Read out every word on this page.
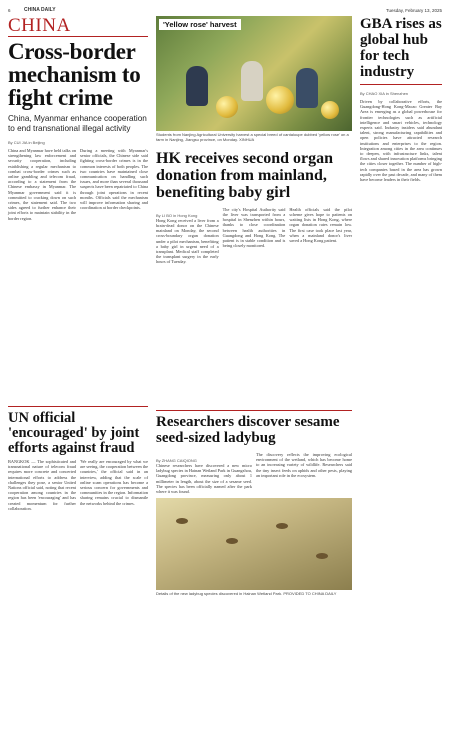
6	CHINA DAILY	Tuesday, February 13, 2025
CHINA
Cross-border mechanism to fight crime
China, Myanmar enhance cooperation to end transnational illegal activity
By CUI JIA in Beijing
China and Myanmar have held talks on strengthening law enforcement and security cooperation, including establishing a regular mechanism to combat cross-border crimes such as online gambling and telecom fraud, according to a statement from the Chinese embassy in Myanmar. The Myanmar government said it is committed to cracking down on such crimes, the statement said. The two sides agreed to further enhance their joint efforts to maintain stability in the border region.
During a meeting with Myanmar's senior officials, the Chinese side said fighting cross-border crimes is in the common interests of both peoples. The two countries have maintained close communication on handling such issues, and more than several thousand suspects have been repatriated to China through joint operations in recent months. Officials said the mechanism will improve information sharing and coordination at border checkpoints.
UN official 'encouraged' by joint efforts against fraud
BANGKOK — The sophisticated and transnational nature of telecom fraud requires more concrete and concerted international efforts to address the challenges they pose, a senior United Nations official said, noting that recent cooperation among countries in the region has been 'encouraging' and has created momentum for further collaboration.
'We really are encouraged by what we are seeing, the cooperation between the countries,' the official said in an interview, adding that the scale of online scam operations has become a serious concern for governments and communities in the region. Information sharing remains crucial to dismantle the networks behind the crimes.
'Yellow rose' harvest
Students from Nanjing Agricultural University harvest a special breed of cantaloupe dubbed 'yellow rose' on a farm in Nanjing, Jiangsu province, on Monday. XINHUA
HK receives second organ donation from mainland, benefiting baby girl
By LI BO in Hong Kong
Hong Kong received a liver from a brain-dead donor on the Chinese mainland on Monday, the second cross-boundary organ donation under a pilot mechanism, benefiting a baby girl in urgent need of a transplant. Medical staff completed the transplant surgery in the early hours of Tuesday.
The city's Hospital Authority said the liver was transported from a hospital in Shenzhen within hours, thanks to close coordination between health authorities in Guangdong and Hong Kong. The patient is in stable condition and is being closely monitored.
Health officials said the pilot scheme gives hope to patients on waiting lists in Hong Kong, where organ donation rates remain low. The first case took place last year, when a mainland donor's liver saved a Hong Kong patient.
Researchers discover sesame seed-sized ladybug
By ZHANG CAIQIONG
Chinese researchers have discovered a new micro ladybug species in Hainan Wetland Park in Guangzhou, Guangdong province, measuring only about 1 millimeter in length, about the size of a sesame seed. The species has been officially named after the park where it was found.
The discovery reflects the improving ecological environment of the wetland, which has become home to an increasing variety of wildlife. Researchers said the tiny insect feeds on aphids and other pests, playing an important role in the ecosystem.
Details of the new ladybug species discovered in Hainan Wetland Park. PROVIDED TO CHINA DAILY
GBA rises as global hub for tech industry
By CHAO XIA in Shenzhen
Driven by collaborative efforts, the Guangdong-Hong Kong-Macao Greater Bay Area is emerging as a global powerhouse for frontier technologies such as artificial intelligence and smart vehicles, technology experts said. Industry insiders said abundant talent, strong manufacturing capabilities and open policies have attracted research institutions and enterprises to the region. Integration among cities in the area continues to deepen, with infrastructure links, talent flows and shared innovation platforms bringing the cities closer together. The number of high-tech companies based in the area has grown rapidly over the past decade, and many of them have become leaders in their fields.
